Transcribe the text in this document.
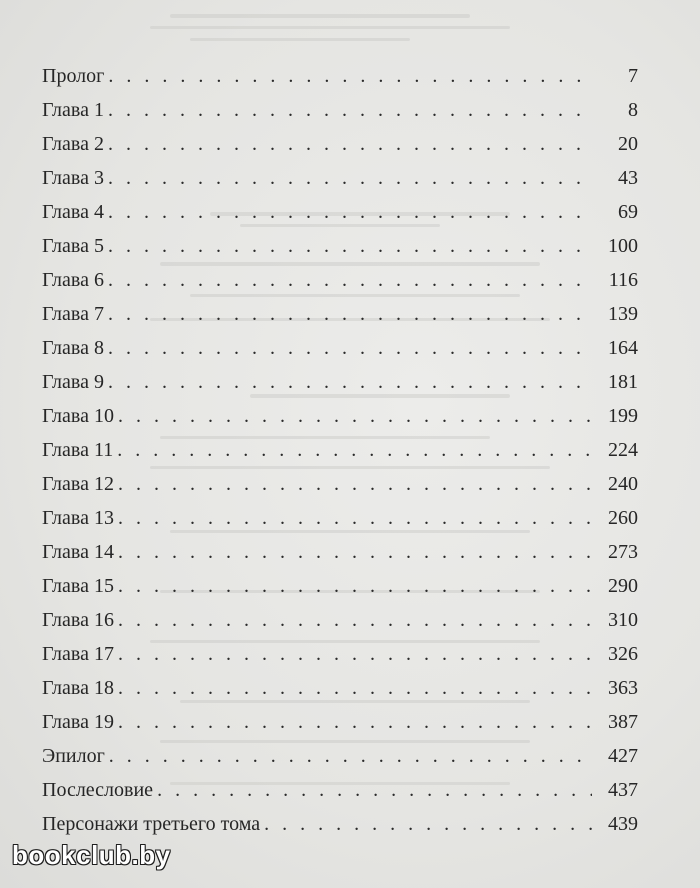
Пролог . . .	7
Глава 1 . . .	8
Глава 2 . . .	20
Глава 3 . . .	43
Глава 4 . . .	69
Глава 5 . . .	100
Глава 6 . . .	116
Глава 7 . . .	139
Глава 8 . . .	164
Глава 9 . . .	181
Глава 10 . . .	199
Глава 11 . . .	224
Глава 12 . . .	240
Глава 13 . . .	260
Глава 14 . . .	273
Глава 15 . . .	290
Глава 16 . . .	310
Глава 17 . . .	326
Глава 18 . . .	363
Глава 19 . . .	387
Эпилог . . .	427
Послесловие . . .	437
Персонажи третьего тома . . .	439
bookclub.by
